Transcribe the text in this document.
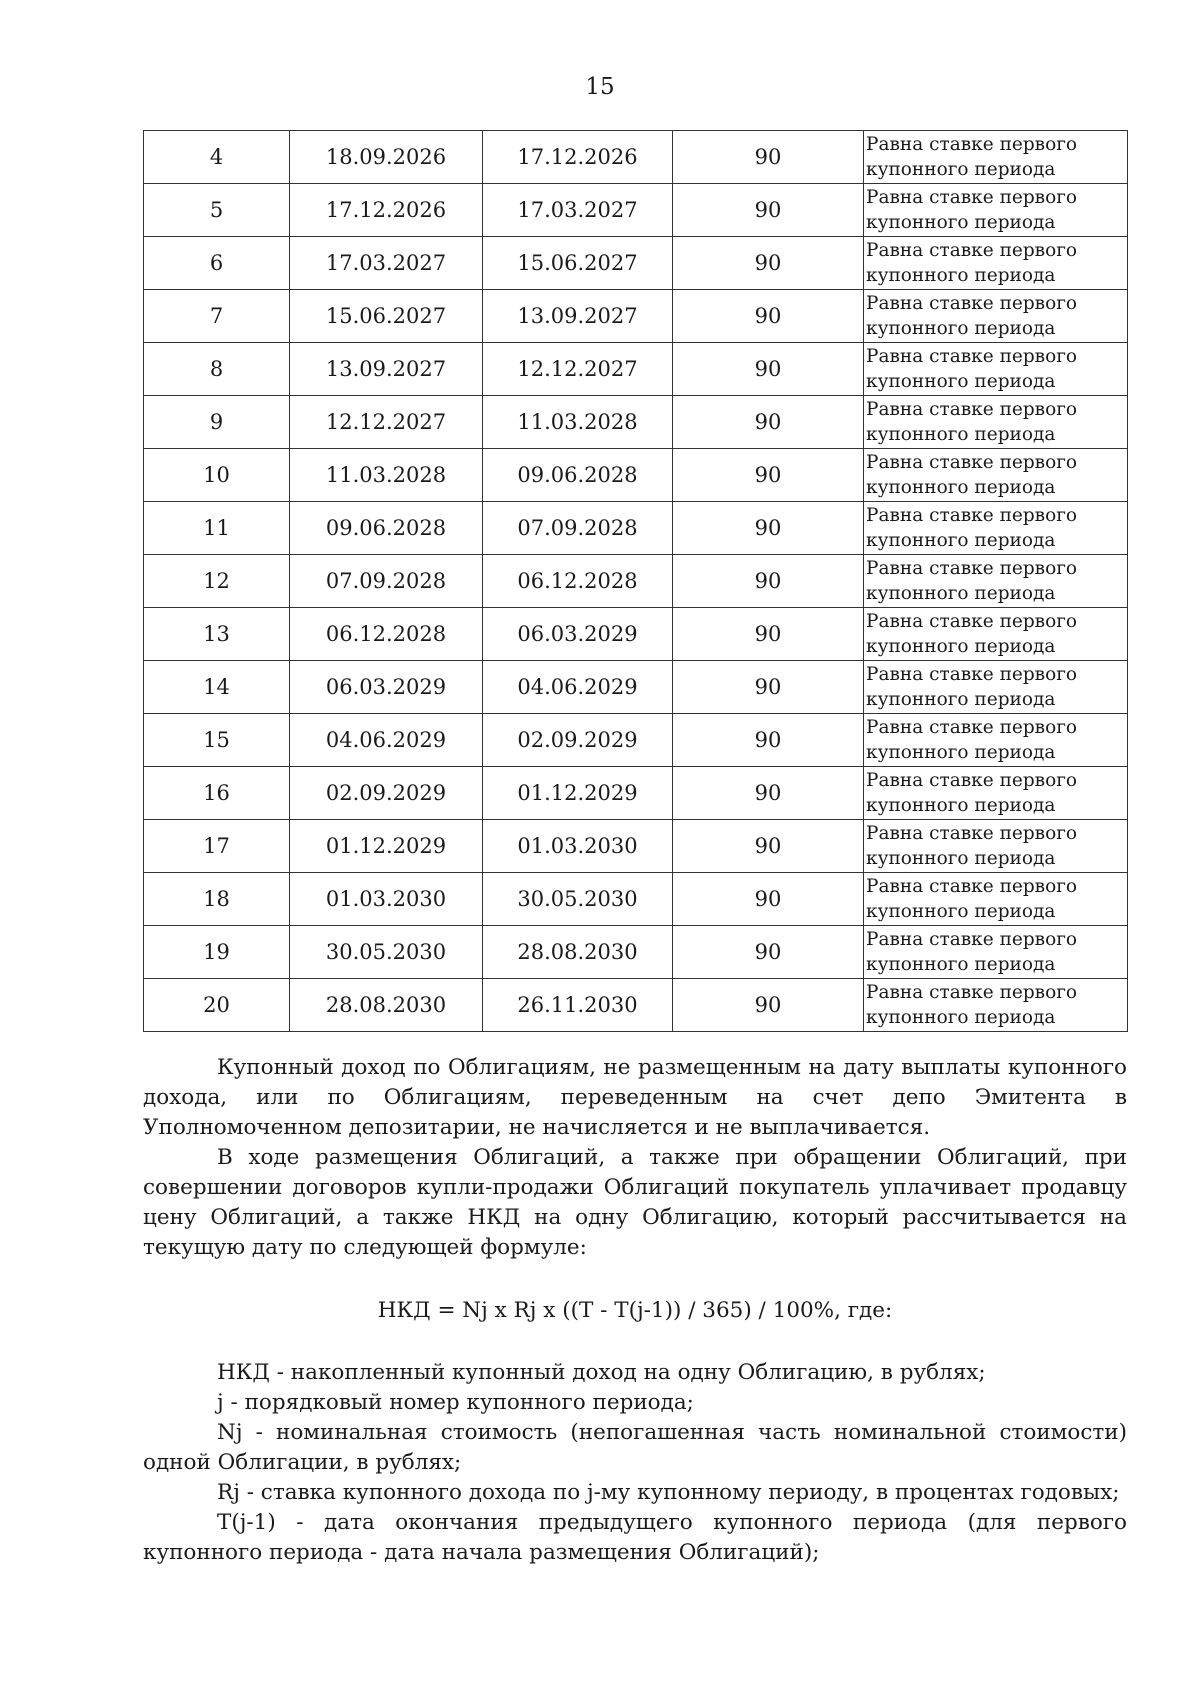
15
4	18.09.2026	17.12.2026	90	Равна ставке первого
купонного периода

5	17.12.2026	17.03.2027	90	Равна ставке первого
купонного периода

6	17.03.2027	15.06.2027	90	Равна ставке первого
купонного периода

7	15.06.2027	13.09.2027	90	Равна ставке первого
купонного периода

8	13.09.2027	12.12.2027	90	Равна ставке первого
купонного периода

9	12.12.2027	11.03.2028	90	Равна ставке первого
купонного периода

10	11.03.2028	09.06.2028	90	Равна ставке первого
купонного периода

11	09.06.2028	07.09.2028	90	Равна ставке первого
купонного периода

12	07.09.2028	06.12.2028	90	Равна ставке первого
купонного периода

13	06.12.2028	06.03.2029	90	Равна ставке первого
купонного периода

14	06.03.2029	04.06.2029	90	Равна ставке первого
купонного периода

15	04.06.2029	02.09.2029	90	Равна ставке первого
купонного периода

16	02.09.2029	01.12.2029	90	Равна ставке первого
купонного периода

17	01.12.2029	01.03.2030	90	Равна ставке первого
купонного периода

18	01.03.2030	30.05.2030	90	Равна ставке первого
купонного периода

19	30.05.2030	28.08.2030	90	Равна ставке первого
купонного периода

20	28.08.2030	26.11.2030	90	Равна ставке первого
купонного периода

Купонный доход по Облигациям, не размещенным на дату выплаты купонного дохода, или по Облигациям, переведенным на счет депо Эмитента в Уполномоченном депозитарии, не начисляется и не выплачивается.

В ходе размещения Облигаций, а также при обращении Облигаций, при совершении договоров купли-продажи Облигаций покупатель уплачивает продавцу цену Облигаций, а также НКД на одну Облигацию, который рассчитывается на текущую дату по следующей формуле:

НКД = Nj x Rj x ((T - T(j-1)) / 365) / 100%, где:

НКД - накопленный купонный доход на одну Облигацию, в рублях;

j - порядковый номер купонного периода;

Nj - номинальная стоимость (непогашенная часть номинальной стоимости) одной Облигации, в рублях;

Rj - ставка купонного дохода по j-му купонному периоду, в процентах годовых;

T(j-1) - дата окончания предыдущего купонного периода (для первого купонного периода - дата начала размещения Облигаций);
